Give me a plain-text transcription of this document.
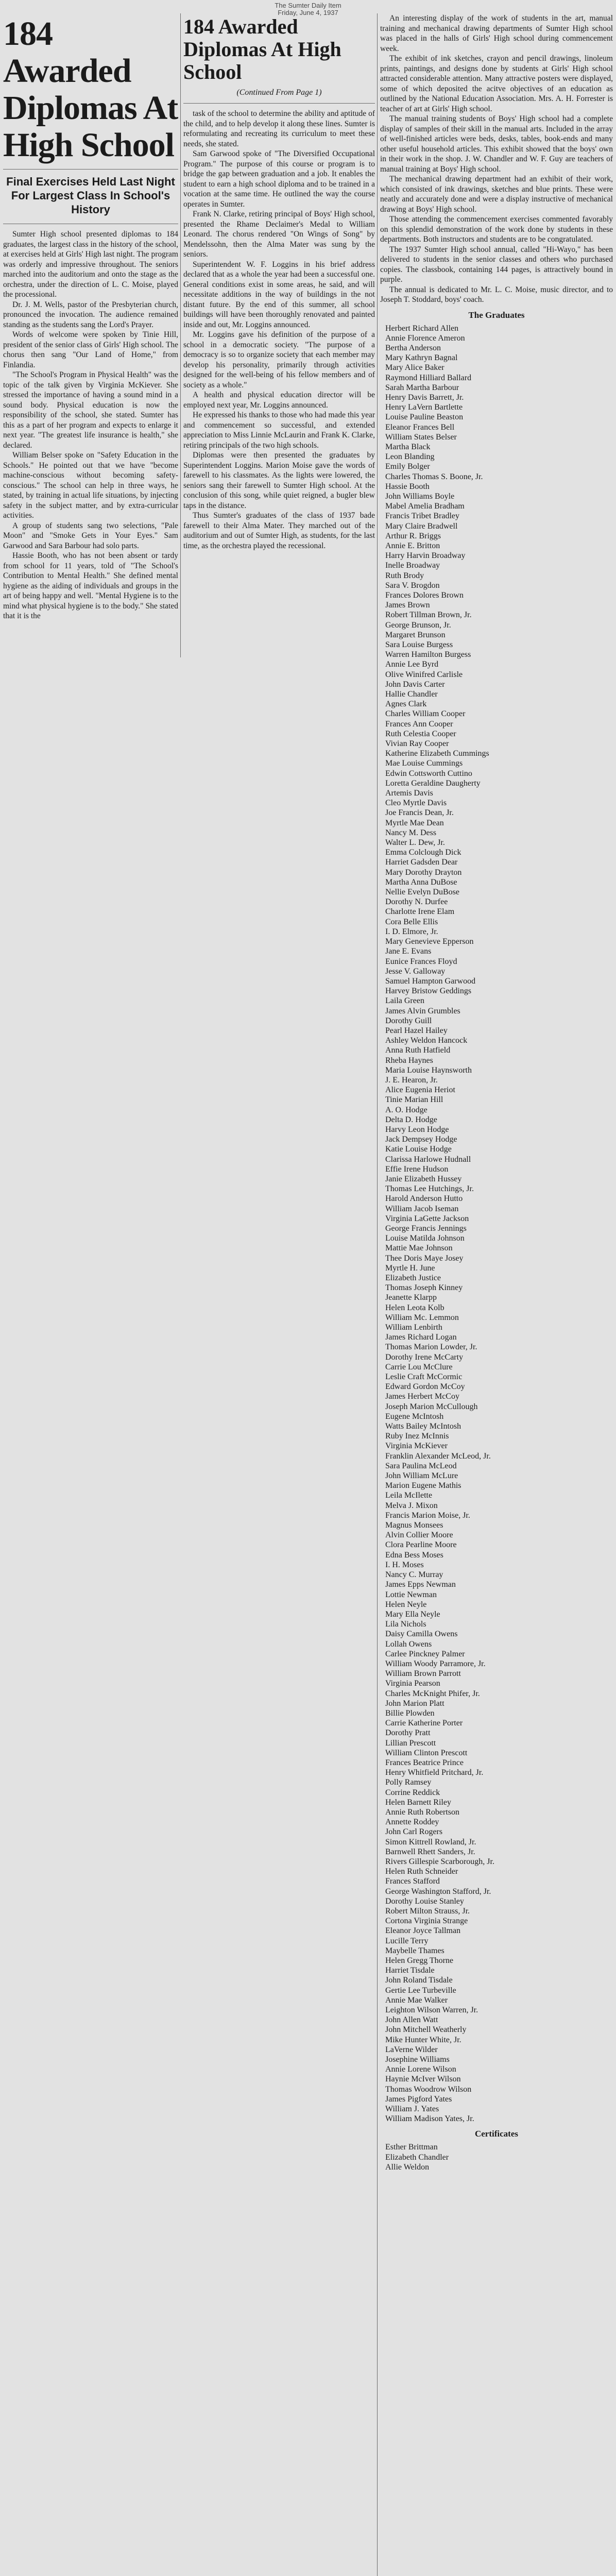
The Sumter Daily Item
Friday, June 4, 1937
184 Awarded Diplomas At High School
Final Exercises Held Last Night For Largest Class In School's History

Sumter High school presented diplomas to 184 graduates, the largest class in the history of the school, at exercises held at Girls' High last night. The program was orderly and impressive throughout. The seniors marched into the auditorium and onto the stage as the orchestra, under the direction of L. C. Moise, played the processional.

Dr. J. M. Wells, pastor of the Presbyterian church, pronounced the invocation. The audience remained standing as the students sang the Lord's Prayer.

Words of welcome were spoken by Tinie Hill, president of the senior class of Girls' High school. The chorus then sang "Our Land of Home," from Finlandia.

"The School's Program in Physical Health" was the topic of the talk given by Virginia McKiever. She stressed the importance of having a sound mind in a sound body. Physical education is now the responsibility of the school, she stated. Sumter has this as a part of her program and expects to enlarge it next year. "The greatest life insurance is health," she declared.

William Belser spoke on "Safety Education in the Schools." He pointed out that we have "become machine-conscious without becoming safety-conscious." The school can help in three ways, he stated, by training in actual life situations, by injecting safety in the subject matter, and by extra-curricular activities.

A group of students sang two selections, "Pale Moon" and "Smoke Gets in Your Eyes." Sam Garwood and Sara Barbour had solo parts.

Hassie Booth, who has not been absent or tardy from school for 11 years, told of "The School's Contribution to Mental Health." She defined mental hygiene as the aiding of individuals and groups in the art of being happy and well. "Mental Hygiene is to the mind what physical hygiene is to the body." She stated that it is the

184 Awarded Diplomas At High School
(Continued From Page 1)

task of the school to determine the ability and aptitude of the child, and to help develop it along these lines. Sumter is reformulating and recreating its curriculum to meet these needs, she stated.

Sam Garwood spoke of "The Diversified Occupational Program." The purpose of this course or program is to bridge the gap between graduation and a job. It enables the student to earn a high school diploma and to be trained in a vocation at the same time. He outlined the way the course operates in Sumter.

Frank N. Clarke, retiring principal of Boys' High school, presented the Rhame Declaimer's Medal to William Leonard. The chorus rendered "On Wings of Song" by Mendelssohn, then the Alma Mater was sung by the seniors.

Superintendent W. F. Loggins in his brief address declared that as a whole the year had been a successful one. General conditions exist in some areas, he said, and will necessitate additions in the way of buildings in the not distant future. By the end of this summer, all school buildings will have been thoroughly renovated and painted inside and out, Mr. Loggins announced.

Mr. Loggins gave his definition of the purpose of a school in a democratic society. "The purpose of a democracy is so to organize society that each member may develop his personality, primarily through activities designed for the well-being of his fellow members and of society as a whole."

A health and physical education director will be employed next year, Mr. Loggins announced.

He expressed his thanks to those who had made this year and commencement so successful, and extended appreciation to Miss Linnie McLaurin and Frank K. Clarke, retiring principals of the two high schools.

Diplomas were then presented the graduates by Superintendent Loggins. Marion Moise gave the words of farewell to his classmates. As the lights were lowered, the seniors sang their farewell to Sumter High school. At the conclusion of this song, while quiet reigned, a bugler blew taps in the distance.

Thus Sumter's graduates of the class of 1937 bade farewell to their Alma Mater. They marched out of the auditorium and out of Sumter High, as students, for the last time, as the orchestra played the recessional.

An interesting display of the work of students in the art, manual training and mechanical drawing departments of Sumter High school was placed in the halls of Girls' High school during commencement week.

The exhibit of ink sketches, crayon and pencil drawings, linoleum prints, paintings, and designs done by students at Girls' High school attracted considerable attention. Many attractive posters were displayed, some of which deposited the acitve objectives of an education as outlined by the National Education Association. Mrs. A. H. Forrester is teacher of art at Girls' High school.

The manual training students of Boys' High school had a complete display of samples of their skill in the manual arts. Included in the array of well-finished articles were beds, desks, tables, book-ends and many other useful household articles. This exhibit showed that the boys' own in their work in the shop. J. W. Chandler and W. F. Guy are teachers of manual training at Boys' High school.

The mechanical drawing department had an exhibit of their work, which consisted of ink drawings, sketches and blue prints. These were neatly and accurately done and were a display instructive of mechanical drawing at Boys' High school.

Those attending the commencement exercises commented favorably on this splendid demonstration of the work done by students in these departments. Both instructors and students are to be congratulated.

The 1937 Sumter High school annual, called "Hi-Wayo," has been delivered to students in the senior classes and others who purchased copies. The classbook, containing 144 pages, is attractively bound in purple.

The annual is dedicated to Mr. L. C. Moise, music director, and to Joseph T. Stoddard, boys' coach.

The Graduates
Herbert Richard Allen
Annie Florence Ameron
Bertha Anderson
Mary Kathryn Bagnal
Mary Alice Baker
Raymond Hilliard Ballard
Sarah Martha Barbour
Henry Davis Barrett, Jr.
Henry LaVern Bartlette
Louise Pauline Beaston
Eleanor Frances Bell
William States Belser
Martha Black
Leon Blanding
Emily Bolger
Charles Thomas S. Boone, Jr.
Hassie Booth
John Williams Boyle
Mabel Amelia Bradham
Francis Tribet Bradley
Mary Claire Bradwell
Arthur R. Briggs
Annie E. Britton
Harry Harvin Broadway
Inelle Broadway
Ruth Brody
Sara V. Brogdon
Frances Dolores Brown
James Brown
Robert Tillman Brown, Jr.
George Brunson, Jr.
Margaret Brunson
Sara Louise Burgess
Warren Hamilton Burgess
Annie Lee Byrd
Olive Winifred Carlisle
John Davis Carter
Hallie Chandler
Agnes Clark
Charles William Cooper
Frances Ann Cooper
Ruth Celestia Cooper
Vivian Ray Cooper
Katherine Elizabeth Cummings
Mae Louise Cummings
Edwin Cottsworth Cuttino
Loretta Geraldine Daugherty
Artemis Davis
Cleo Myrtle Davis
Joe Francis Dean, Jr.
Myrtle Mae Dean
Nancy M. Dess
Walter L. Dew, Jr.
Emma Colclough Dick
Harriet Gadsden Dear
Mary Dorothy Drayton
Martha Anna DuBose
Nellie Evelyn DuBose
Dorothy N. Durfee
Charlotte Irene Elam
Cora Belle Ellis
I. D. Elmore, Jr.
Mary Genevieve Epperson
Jane E. Evans
Eunice Frances Floyd
Jesse V. Galloway
Samuel Hampton Garwood
Harvey Bristow Geddings
Laila Green
James Alvin Grumbles
Dorothy Guill
Pearl Hazel Hailey
Ashley Weldon Hancock
Anna Ruth Hatfield
Rheba Haynes
Maria Louise Haynsworth
J. E. Hearon, Jr.
Alice Eugenia Heriot
Tinie Marian Hill
A. O. Hodge
Delta D. Hodge
Harvy Leon Hodge
Jack Dempsey Hodge
Katie Louise Hodge
Clarissa Harlowe Hudnall
Effie Irene Hudson
Janie Elizabeth Hussey
Thomas Lee Hutchings, Jr.
Harold Anderson Hutto
William Jacob Iseman
Virginia LaGette Jackson
George Francis Jennings
Louise Matilda Johnson
Mattie Mae Johnson
Thee Doris Maye Josey
Myrtle H. June
Elizabeth Justice
Thomas Joseph Kinney
Jeanette Klarpp
Helen Leota Kolb
William Mc. Lemmon
William Lenbirth
James Richard Logan
Thomas Marion Lowder, Jr.
Dorothy Irene McCarty
Carrie Lou McClure
Leslie Craft McCormic
Edward Gordon McCoy
James Herbert McCoy
Joseph Marion McCullough
Eugene McIntosh
Watts Bailey McIntosh
Ruby Inez McInnis
Virginia McKiever
Franklin Alexander McLeod, Jr.
Sara Paulina McLeod
John William McLure
Marion Eugene Mathis
Leila McIlette
Melva J. Mixon
Francis Marion Moise, Jr.
Magnus Monsees
Alvin Collier Moore
Clora Pearline Moore
Edna Bess Moses
I. H. Moses
Nancy C. Murray
James Epps Newman
Lottie Newman
Helen Neyle
Mary Ella Neyle
Lila Nichols
Daisy Camilla Owens
Lollah Owens
Carlee Pinckney Palmer
William Woody Parramore, Jr.
William Brown Parrott
Virginia Pearson
Charles McKnight Phifer, Jr.
John Marion Platt
Billie Plowden
Carrie Katherine Porter
Dorothy Pratt
Lillian Prescott
William Clinton Prescott
Frances Beatrice Prince
Henry Whitfield Pritchard, Jr.
Polly Ramsey
Corrine Reddick
Helen Barnett Riley
Annie Ruth Robertson
Annette Roddey
John Carl Rogers
Simon Kittrell Rowland, Jr.
Barnwell Rhett Sanders, Jr.
Rivers Gillespie Scarborough, Jr.
Helen Ruth Schneider
Frances Stafford
George Washington Stafford, Jr.
Dorothy Louise Stanley
Robert Milton Strauss, Jr.
Cortona Virginia Strange
Eleanor Joyce Tallman
Lucille Terry
Maybelle Thames
Helen Gregg Thorne
Harriet Tisdale
John Roland Tisdale
Gertie Lee Turbeville
Annie Mae Walker
Leighton Wilson Warren, Jr.
John Allen Watt
John Mitchell Weatherly
Mike Hunter White, Jr.
LaVerne Wilder
Josephine Williams
Annie Lorene Wilson
Haynie McIver Wilson
Thomas Woodrow Wilson
James Pigford Yates
William J. Yates
William Madison Yates, Jr.
Certificates
Esther Brittman
Elizabeth Chandler
Allie Weldon
